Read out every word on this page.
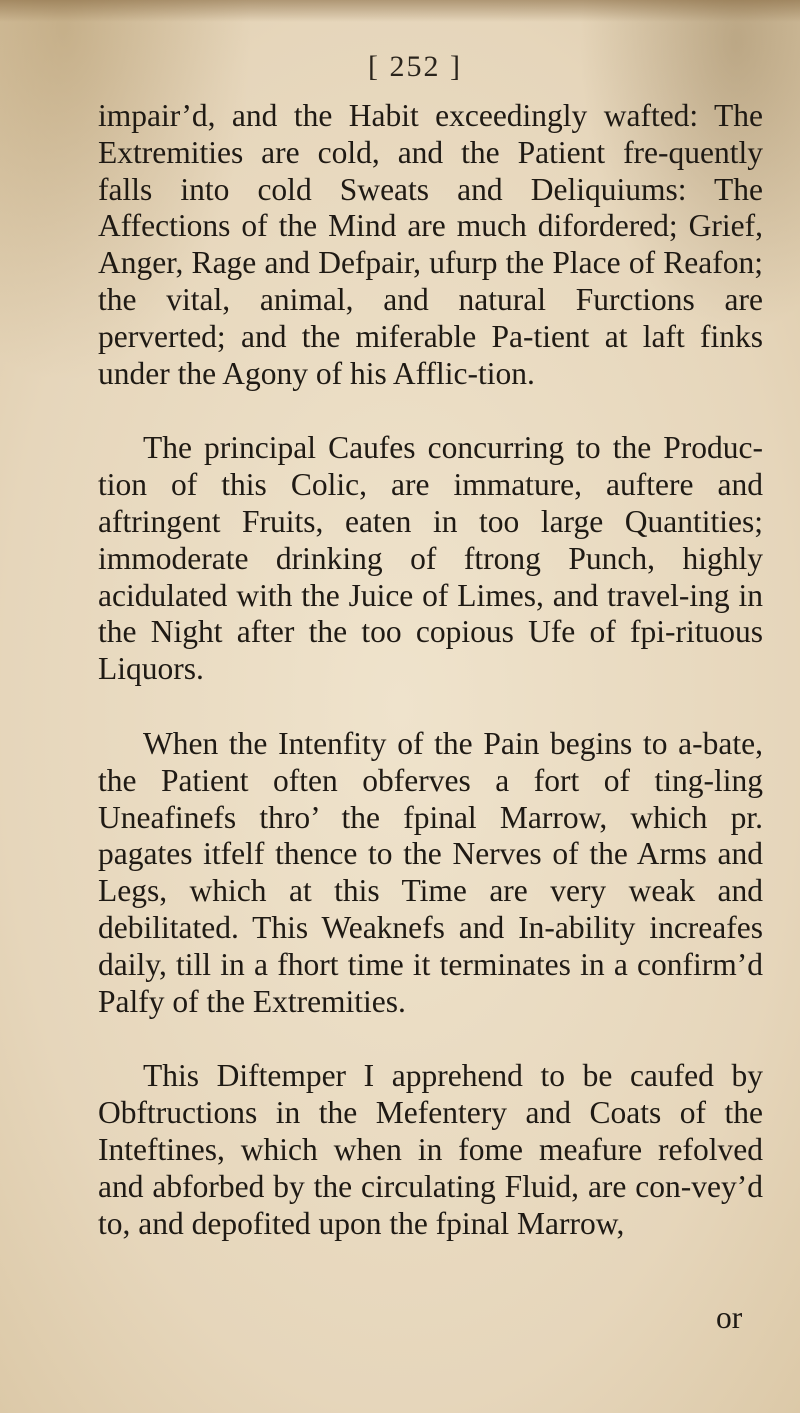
[ 252 ]

impair’d, and the Habit exceedingly wafted: The Extremities are cold, and the Patient fre-quently falls into cold Sweats and Deliquiums: The Affections of the Mind are much difordered; Grief, Anger, Rage and Defpair, ufurp the Place of Reafon; the vital, animal, and natural Furctions are perverted; and the miferable Pa-tient at laft finks under the Agony of his Afflic-tion.

The principal Caufes concurring to the Produc-tion of this Colic, are immature, auftere and aftringent Fruits, eaten in too large Quantities; immoderate drinking of ftrong Punch, highly acidulated with the Juice of Limes, and travel-ing in the Night after the too copious Ufe of fpi-rituous Liquors.

When the Intenfity of the Pain begins to a-bate, the Patient often obferves a fort of ting-ling Uneafinefs thro’ the fpinal Marrow, which pr. pagates itfelf thence to the Nerves of the Arms and Legs, which at this Time are very weak and debilitated. This Weaknefs and In-ability increafes daily, till in a fhort time it terminates in a confirm’d Palfy of the Extremities.

This Diftemper I apprehend to be caufed by Obftructions in the Mefentery and Coats of the Inteftines, which when in fome meafure refolved and abforbed by the circulating Fluid, are con-vey’d to, and depofited upon the fpinal Marrow,

or
